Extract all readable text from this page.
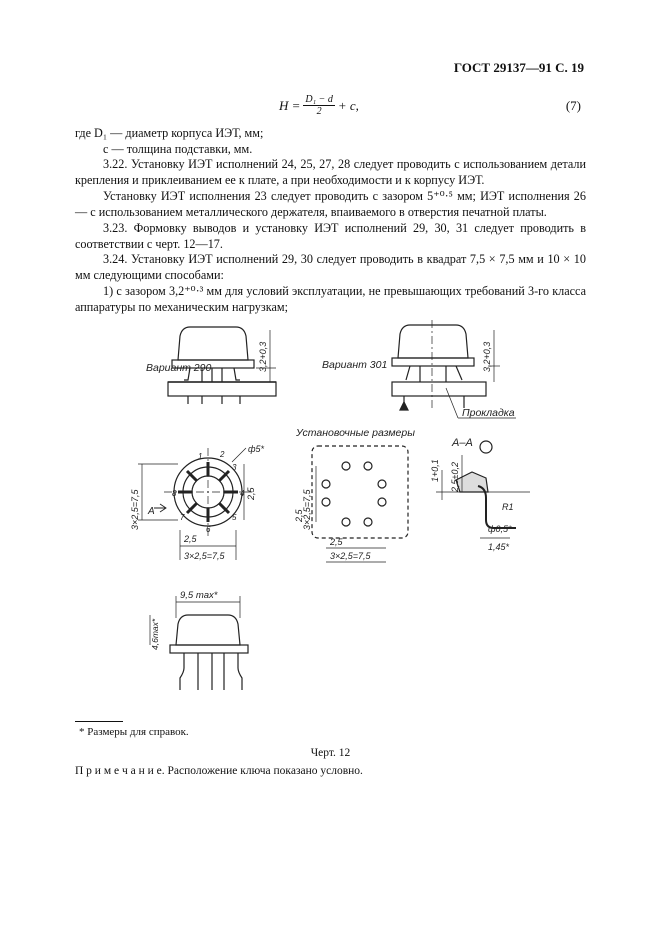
ГОСТ 29137—91 С. 19
$H = \frac{\text{D₁ − d}}{2} + c$,	(7)
где D₁ — диаметр корпуса ИЭТ, мм;
c — толщина подставки, мм.
3.22. Установку ИЭТ исполнений 24, 25, 27, 28 следует проводить с использованием детали крепления и приклеиванием ее к плате, а при необходимости и к корпусу ИЭТ.
Установку ИЭТ исполнения 23 следует проводить с зазором 5⁺⁰·⁵ мм; ИЭТ исполнения 26 — с использованием металлического держателя, впаиваемого в отверстия печатной платы.
3.23. Формовку выводов и установку ИЭТ исполнений 29, 30, 31 следует проводить в соответствии с черт. 12—17.
3.24. Установку ИЭТ исполнений 29, 30 следует проводить в квадрат 7,5 × 7,5 мм и 10 × 10 мм следующими способами:
1) с зазором 3,2⁺⁰·³ мм для условий эксплуатации, не превышающих требований 3-го класса аппаратуры по механическим нагрузкам;
Вариант 290	Вариант 301
3,2+0,3	3,2+0,3
Прокладка
Установочные размеры
А–А
А
ф5*
1 2
3
4
5
6
7
8
3×2,5=7,5	2,5
2,5
3×2,5=7,5
3×2,5=7,5
2,5
2,5
3×2,5=7,5
1+0,1 2,5±0,2
R1
ф0,5*
1,45*
9,5 max*
4,6max*
* Размеры для справок.
Черт. 12
П р и м е ч а н и е. Расположение ключа показано условно.
